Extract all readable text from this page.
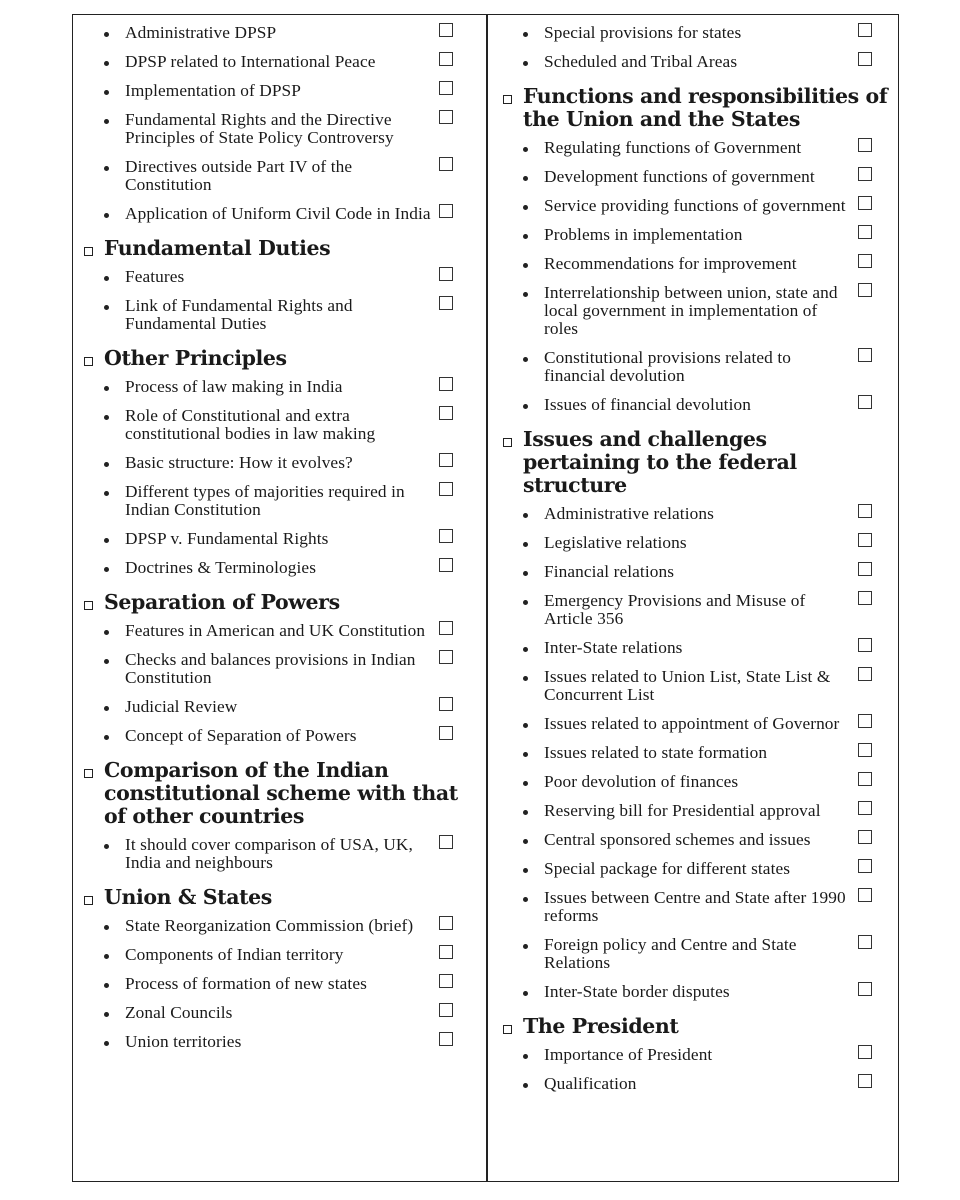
Administrative DPSP
DPSP related to International Peace
Implementation of DPSP
Fundamental Rights and the Directive Principles of State Policy Controversy
Directives outside Part IV of the Constitution
Application of Uniform Civil Code in India
Fundamental Duties
Features
Link of Fundamental Rights and Fundamental Duties
Other Principles
Process of law making in India
Role of Constitutional and extra constitutional bodies in law making
Basic structure: How it evolves?
Different types of majorities required in Indian Constitution
DPSP v. Fundamental Rights
Doctrines & Terminologies
Separation of Powers
Features in American and UK Constitution
Checks and balances provisions in Indian Constitution
Judicial Review
Concept of Separation of Powers
Comparison of the Indian constitutional scheme with that of other countries
It should cover comparison of USA, UK, India and neighbours
Union & States
State Reorganization Commission (brief)
Components of Indian territory
Process of formation of new states
Zonal Councils
Union territories
Special provisions for states
Scheduled and Tribal Areas
Functions and responsibilities of the Union and the States
Regulating functions of Government
Development functions of government
Service providing functions of government
Problems in implementation
Recommendations for improvement
Interrelationship between union, state and local government in implementation of roles
Constitutional provisions related to financial devolution
Issues of financial devolution
Issues and challenges pertaining to the federal structure
Administrative relations
Legislative relations
Financial relations
Emergency Provisions and Misuse of Article 356
Inter-State relations
Issues related to Union List, State List & Concurrent List
Issues related to appointment of Governor
Issues related to state formation
Poor devolution of finances
Reserving bill for Presidential approval
Central sponsored schemes and issues
Special package for different states
Issues between Centre and State after 1990 reforms
Foreign policy and Centre and State Relations
Inter-State border disputes
The President
Importance of President
Qualification
